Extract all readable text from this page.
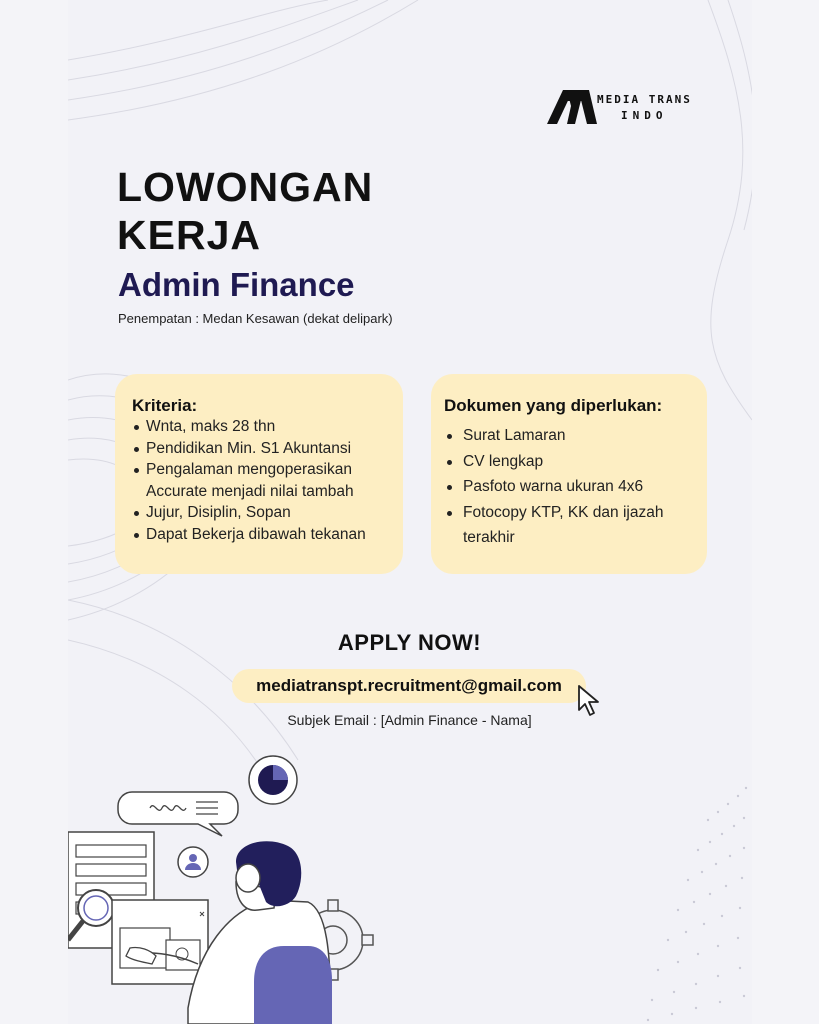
MEDIA TRANS
INDO
LOWONGAN
KERJA
Admin Finance
Penempatan : Medan Kesawan (dekat delipark)
Kriteria:
Wnta, maks 28 thn
Pendidikan Min. S1 Akuntansi
Pengalaman mengoperasikan Accurate menjadi nilai tambah
Jujur, Disiplin, Sopan
Dapat Bekerja dibawah tekanan
Dokumen yang diperlukan:
Surat Lamaran
CV lengkap
Pasfoto warna ukuran 4x6
Fotocopy KTP, KK dan ijazah terakhir
APPLY NOW!
mediatranspt.recruitment@gmail.com
Subjek Email : [Admin Finance - Nama]
